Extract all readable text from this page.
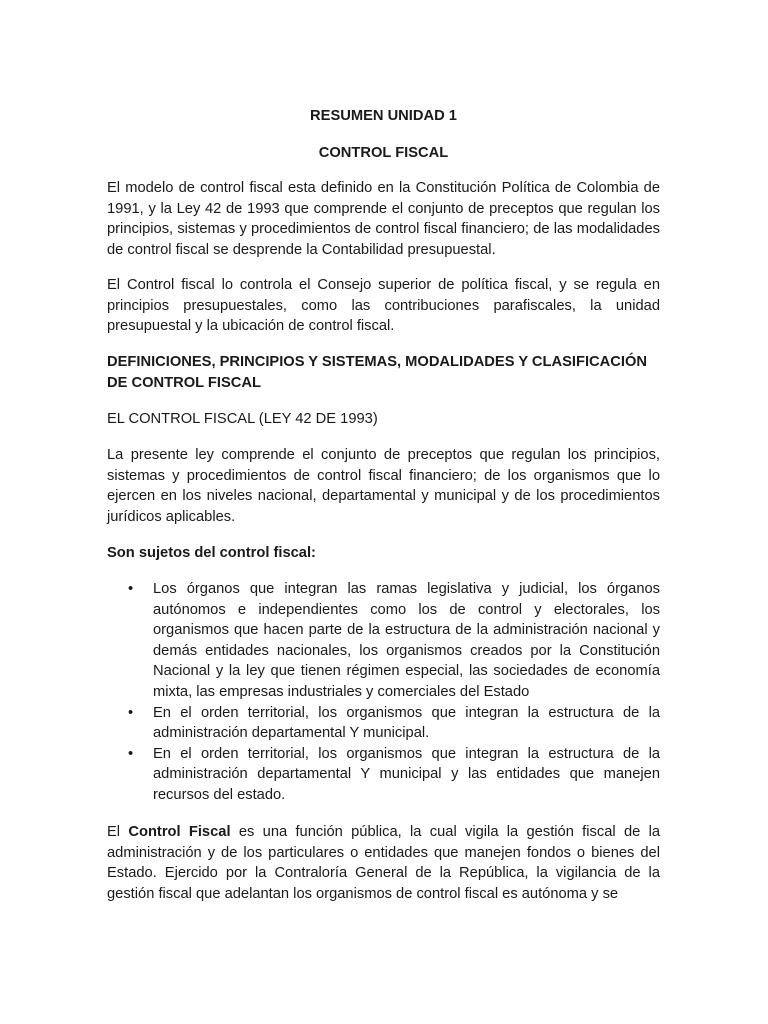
RESUMEN UNIDAD 1

CONTROL FISCAL

El modelo de control fiscal esta definido en la Constitución Política de Colombia de 1991, y la Ley 42 de 1993 que comprende el conjunto de preceptos que regulan los principios, sistemas y procedimientos de control fiscal financiero; de las modalidades de control fiscal se desprende la Contabilidad presupuestal.

El Control fiscal lo controla el Consejo superior de política fiscal, y se regula en principios presupuestales, como las contribuciones parafiscales, la unidad presupuestal y la ubicación de control fiscal.

DEFINICIONES, PRINCIPIOS Y SISTEMAS, MODALIDADES Y CLASIFICACIÓN DE CONTROL FISCAL

EL CONTROL FISCAL (LEY 42 DE 1993)

La presente ley comprende el conjunto de preceptos que regulan los principios, sistemas y procedimientos de control fiscal financiero; de los organismos que lo ejercen en los niveles nacional, departamental y municipal y de los procedimientos jurídicos aplicables.

Son sujetos del control fiscal:

• Los órganos que integran las ramas legislativa y judicial, los órganos autónomos e independientes como los de control y electorales, los organismos que hacen parte de la estructura de la administración nacional y demás entidades nacionales, los organismos creados por la Constitución Nacional y la ley que tienen régimen especial, las sociedades de economía mixta, las empresas industriales y comerciales del Estado
• En el orden territorial, los organismos que integran la estructura de la administración departamental Y municipal.
• En el orden territorial, los organismos que integran la estructura de la administración departamental Y municipal y las entidades que manejen recursos del estado.

El Control Fiscal es una función pública, la cual vigila la gestión fiscal de la administración y de los particulares o entidades que manejen fondos o bienes del Estado. Ejercido por la Contraloría General de la República, la vigilancia de la gestión fiscal que adelantan los organismos de control fiscal es autónoma y se
